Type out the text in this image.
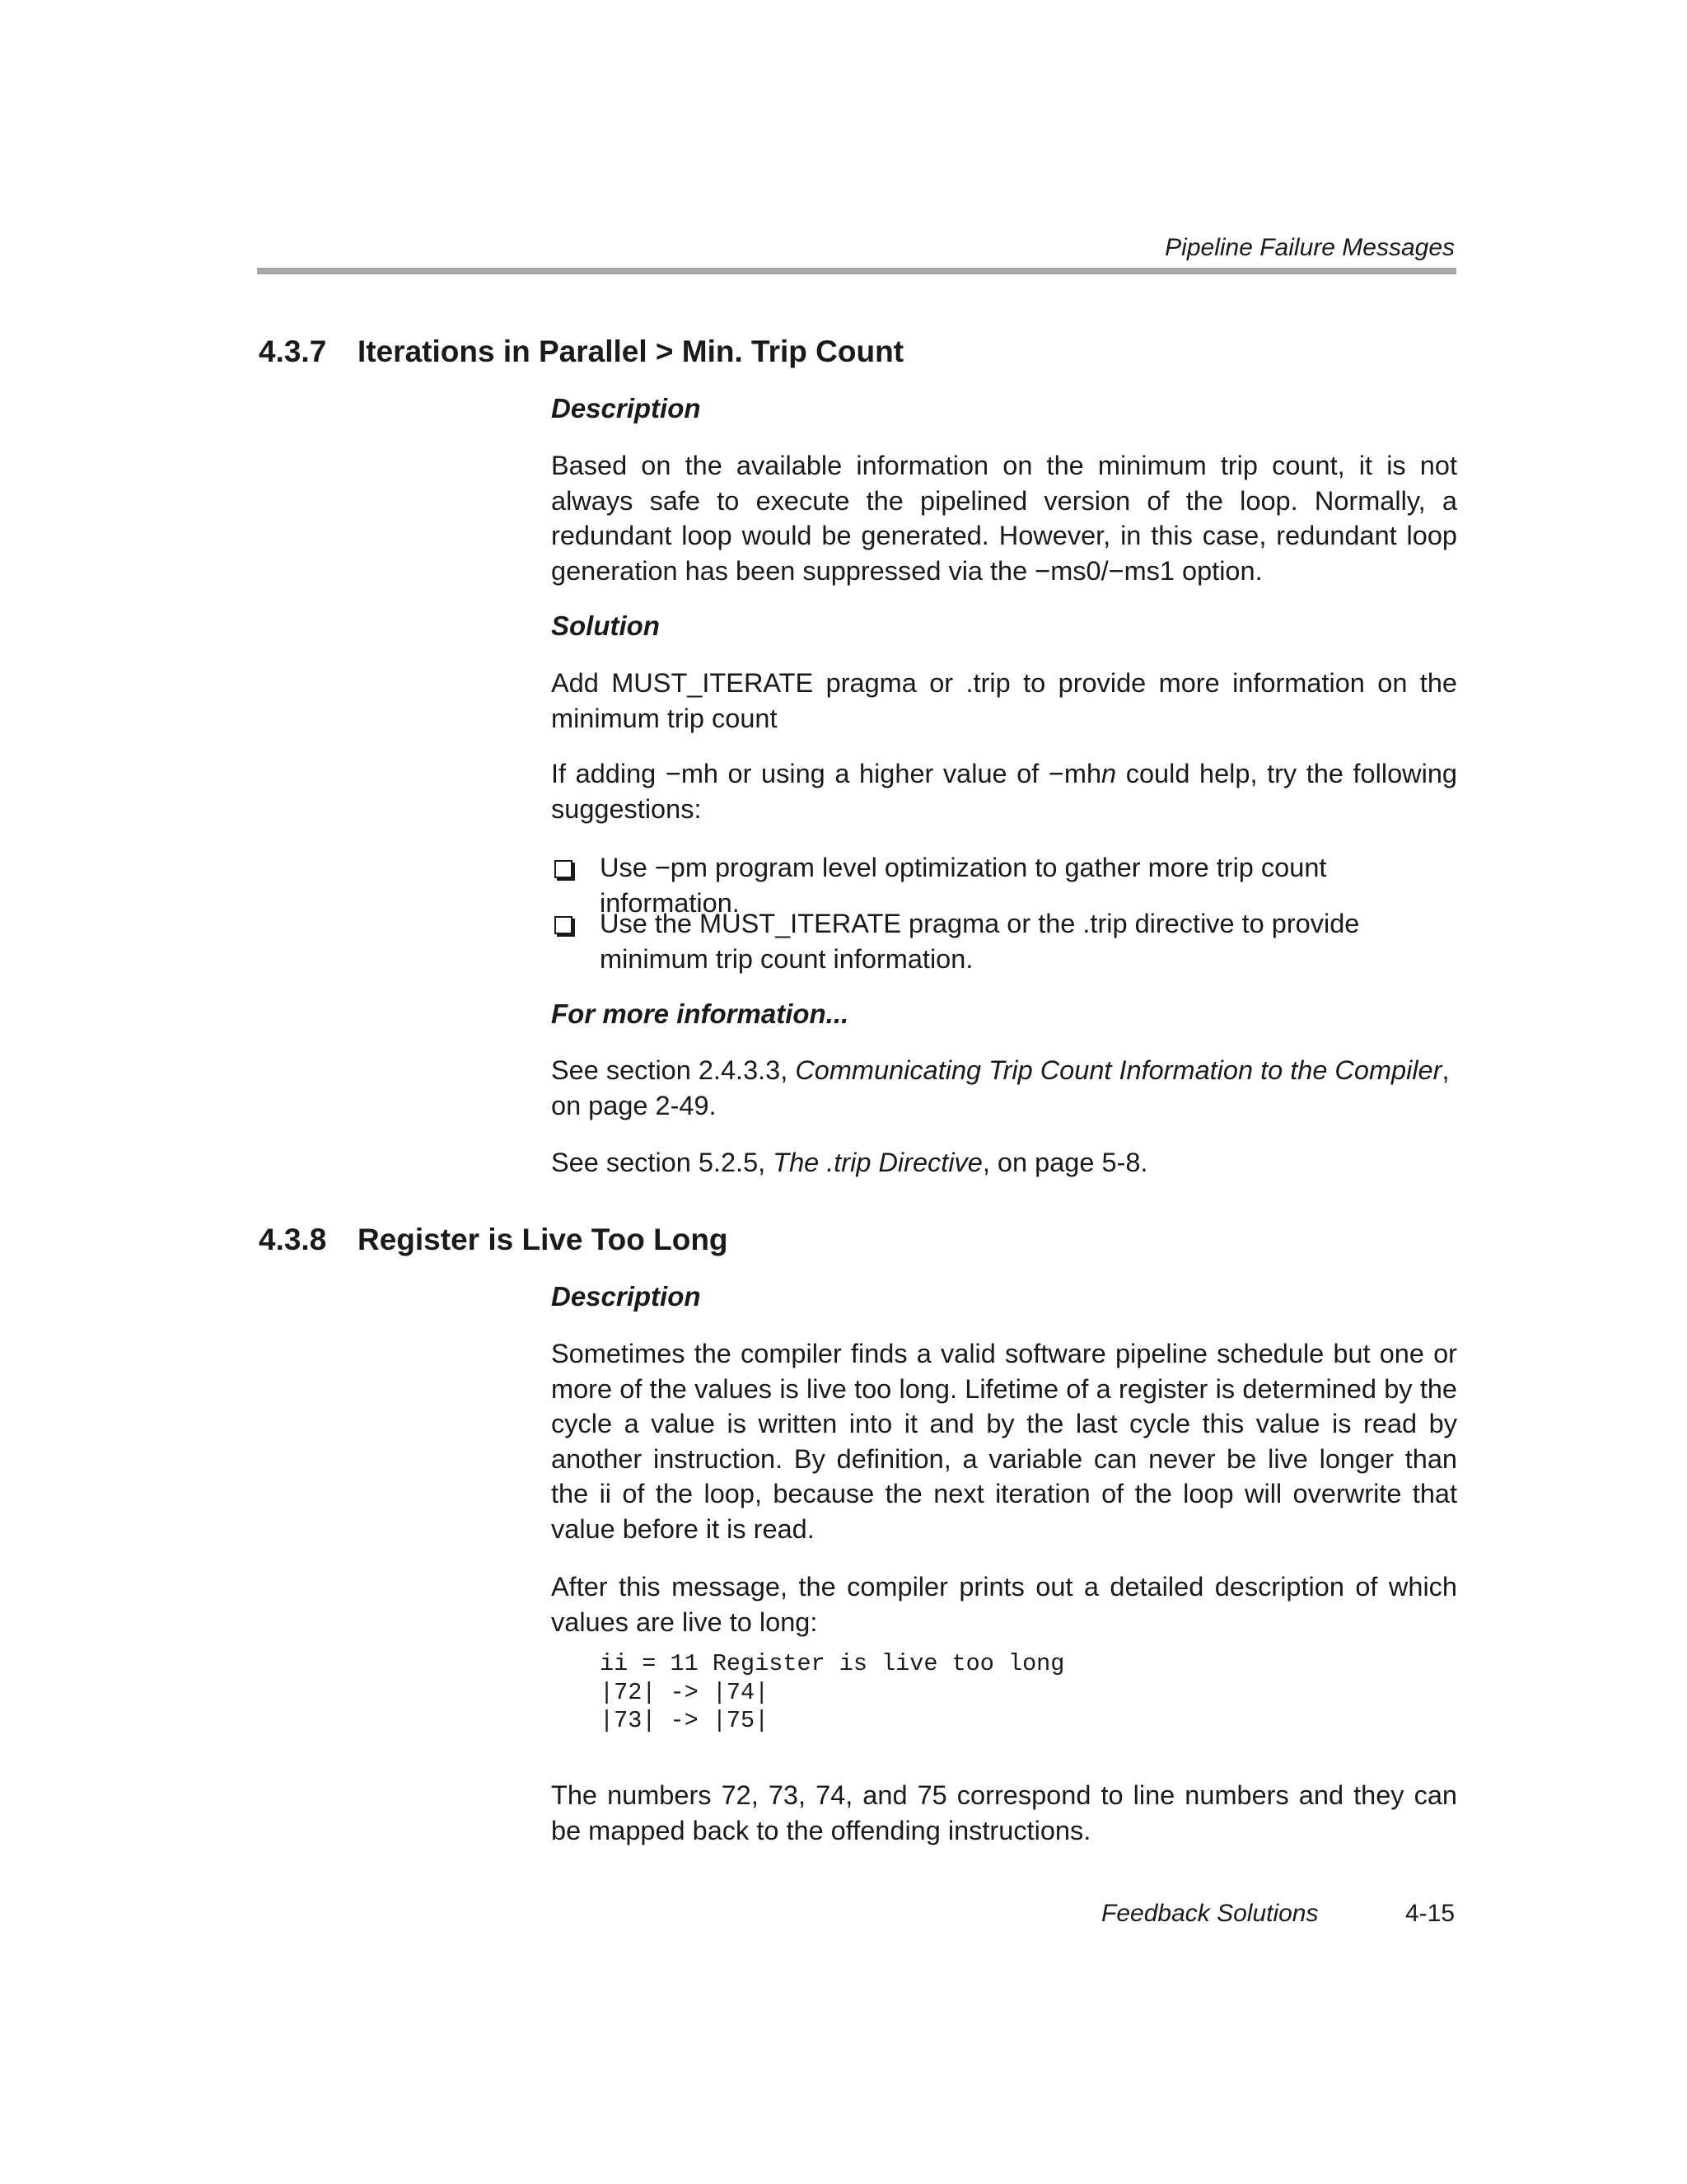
Pipeline Failure Messages
4.3.7 Iterations in Parallel > Min. Trip Count
Description

Based on the available information on the minimum trip count, it is not always safe to execute the pipelined version of the loop. Normally, a redundant loop would be generated. However, in this case, redundant loop generation has been suppressed via the −ms0/−ms1 option.

Solution

Add MUST_ITERATE pragma or .trip to provide more information on the minimum trip count

If adding −mh or using a higher value of −mhn could help, try the following suggestions:

Use −pm program level optimization to gather more trip count information.

Use the MUST_ITERATE pragma or the .trip directive to provide minimum trip count information.

For more information...

See section 2.4.3.3, Communicating Trip Count Information to the Compiler, on page 2-49.

See section 5.2.5, The .trip Directive, on page 5-8.

4.3.8 Register is Live Too Long
Description

Sometimes the compiler finds a valid software pipeline schedule but one or more of the values is live too long. Lifetime of a register is determined by the cycle a value is written into it and by the last cycle this value is read by another instruction. By definition, a variable can never be live longer than the ii of the loop, because the next iteration of the loop will overwrite that value before it is read.

After this message, the compiler prints out a detailed description of which values are live to long:

ii = 11 Register is live too long
|72| -> |74|
|73| -> |75|

The numbers 72, 73, 74, and 75 correspond to line numbers and they can be mapped back to the offending instructions.

Feedback Solutions	4-15
